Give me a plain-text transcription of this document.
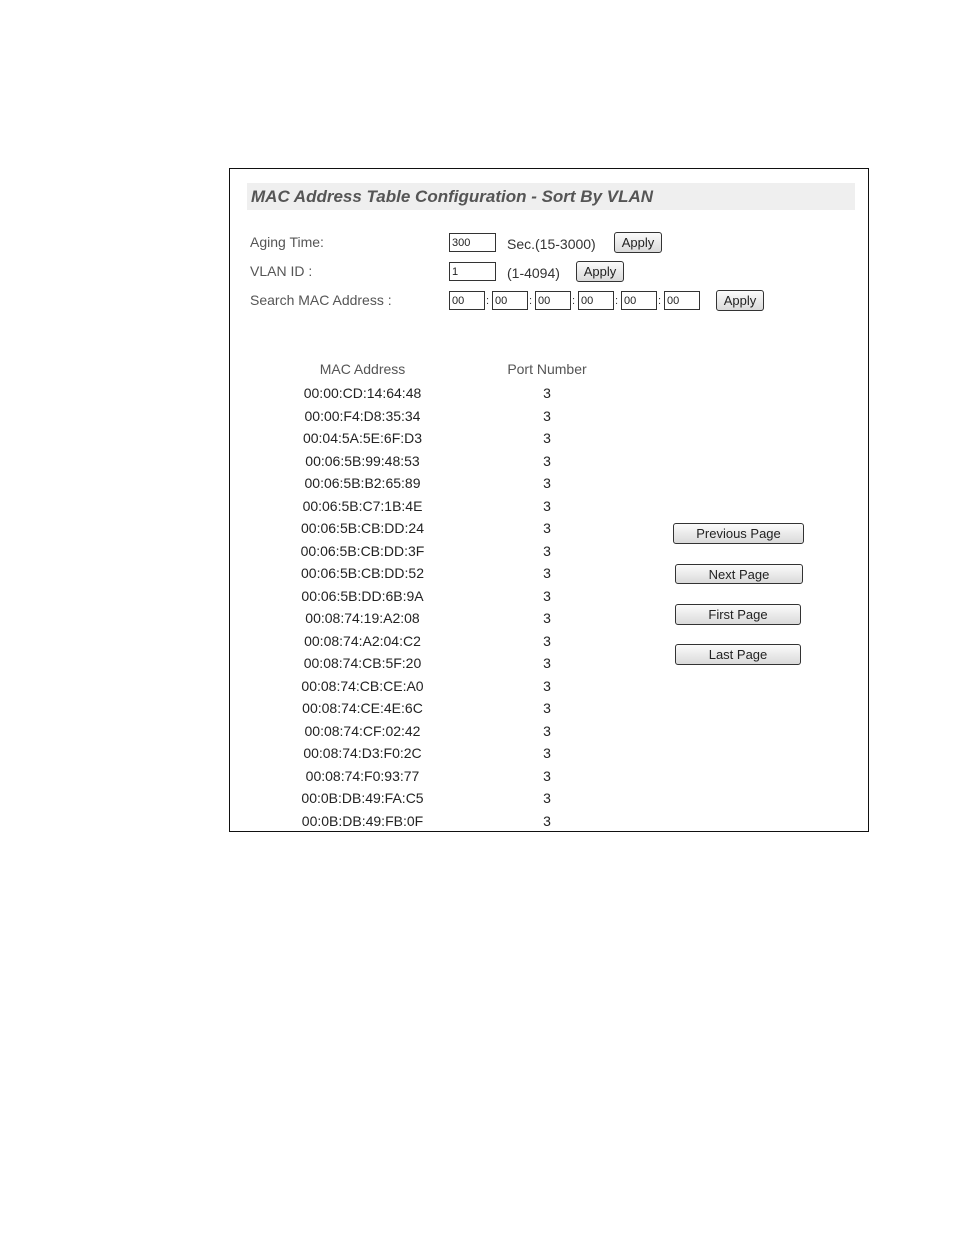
MAC Address Table Configuration - Sort By VLAN
Aging Time:
300	Sec.(15-3000)	Apply
VLAN ID :
1	(1-4094)	Apply
Search MAC Address :
00	:
00	:
00	:
00	:
00	:
00	Apply
MAC Address	Port Number
00:00:CD:14:64:48	3
00:00:F4:D8:35:34	3
00:04:5A:5E:6F:D3	3
00:06:5B:99:48:53	3
00:06:5B:B2:65:89	3
00:06:5B:C7:1B:4E	3
00:06:5B:CB:DD:24	3
00:06:5B:CB:DD:3F	3
00:06:5B:CB:DD:52	3
00:06:5B:DD:6B:9A	3
00:08:74:19:A2:08	3
00:08:74:A2:04:C2	3
00:08:74:CB:5F:20	3
00:08:74:CB:CE:A0	3
00:08:74:CE:4E:6C	3
00:08:74:CF:02:42	3
00:08:74:D3:F0:2C	3
00:08:74:F0:93:77	3
00:0B:DB:49:FA:C5	3
00:0B:DB:49:FB:0F	3
Previous Page
Next Page
First Page
Last Page
